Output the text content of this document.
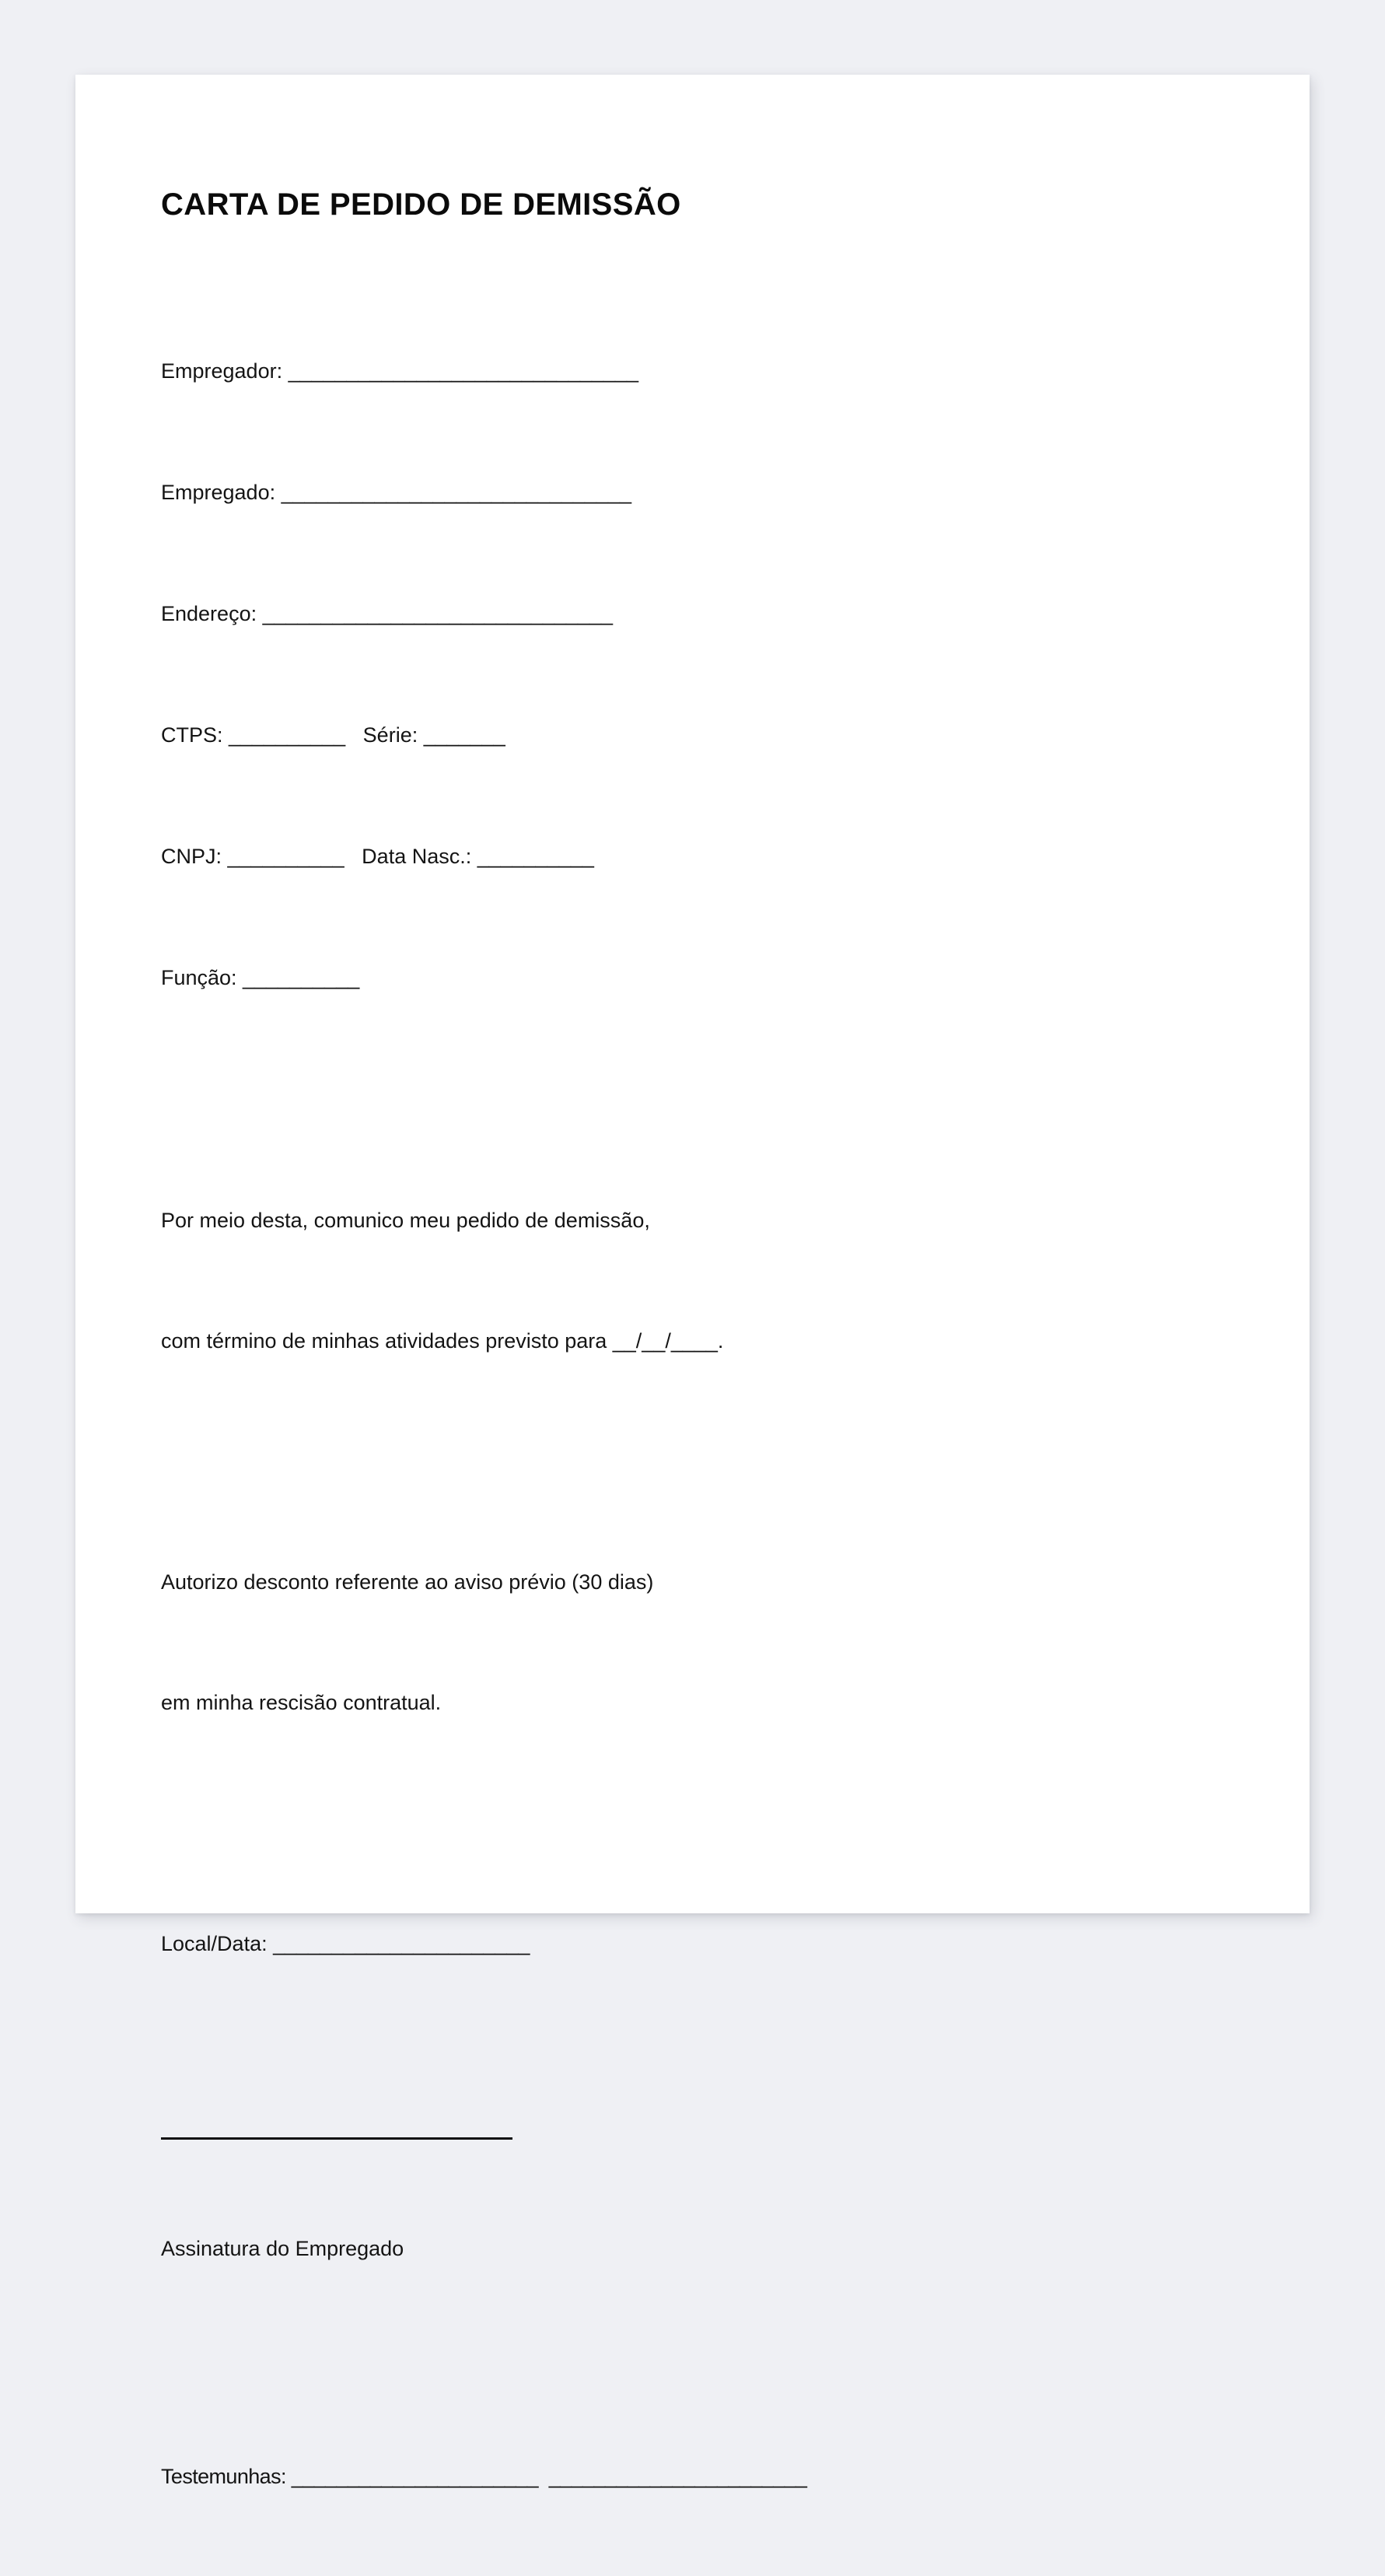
CARTA DE PEDIDO DE DEMISSÃO

Empregador: ______________________________

Empregado: ______________________________

Endereço: ______________________________

CTPS: __________   Série: _______

CNPJ: __________   Data Nasc.: __________

Função: __________

Por meio desta, comunico meu pedido de demissão,

com término de minhas atividades previsto para __/__/____.

Autorizo desconto referente ao aviso prévio (30 dias)

em minha rescisão contratual.

Local/Data: ______________________

Assinatura do Empregado

Testemunhas: ______________________  _______________________
